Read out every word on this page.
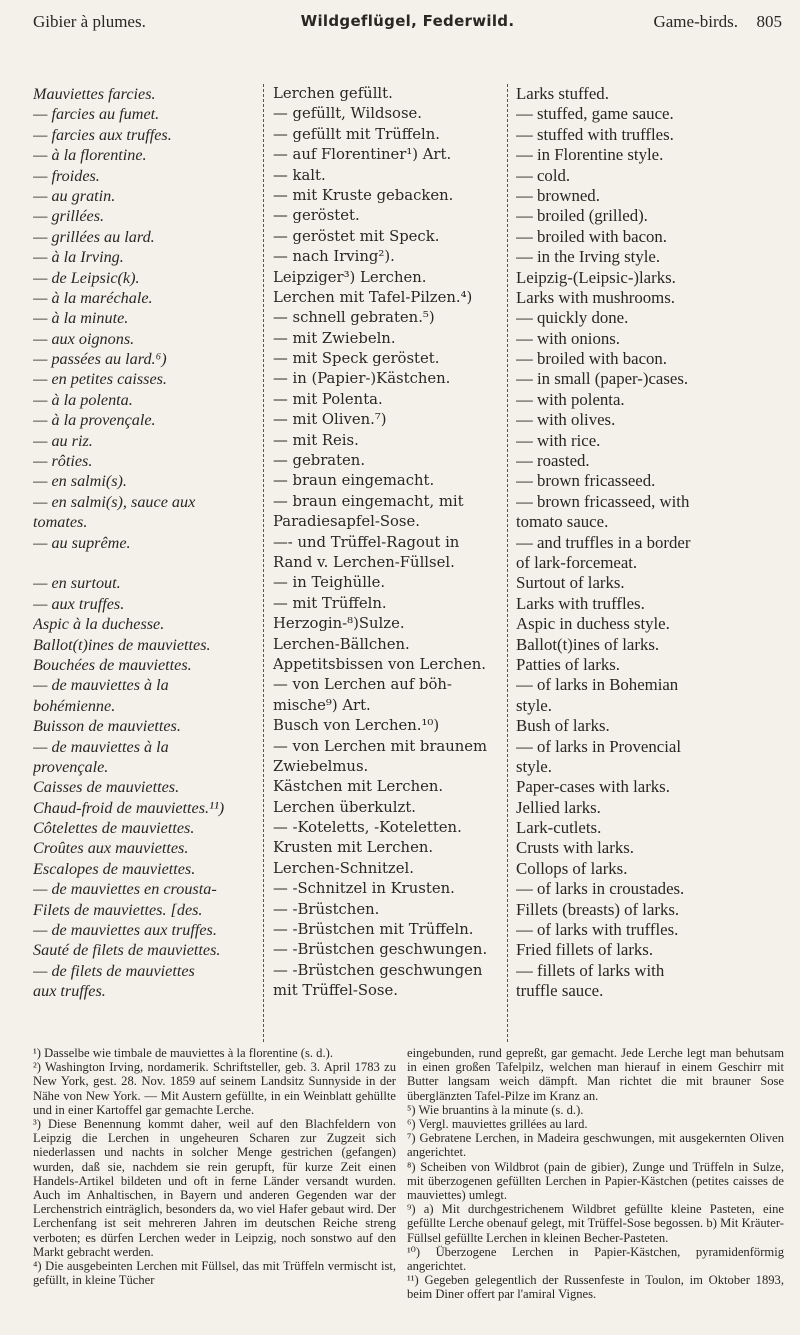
Gibier à plumes.	Wildgeflügel, Federwild.	Game-birds. 805
Mauviettes farcies.
— farcies au fumet.
— farcies aux truffes.
— à la florentine.
— froides.
— au gratin.
— grillées.
— grillées au lard.
— à la Irving.
— de Leipsic(k).
— à la maréchale.
— à la minute.
— aux oignons.
— passées au lard.⁶)
— en petites caisses.
— à la polenta.
— à la provençale.
— au riz.
— rôties.
— en salmi(s).
— en salmi(s), sauce aux
tomates.
— au suprême.
— en surtout.
— aux truffes.
Aspic à la duchesse.
Ballot(t)ines de mauviettes.
Bouchées de mauviettes.
— de mauviettes à la
bohémienne.
Buisson de mauviettes.
— de mauviettes à la
provençale.
Caisses de mauviettes.
Chaud-froid de mauviettes.¹¹)
Côtelettes de mauviettes.
Croûtes aux mauviettes.
Escalopes de mauviettes.
— de mauviettes en crousta-
Filets de mauviettes. [des.
— de mauviettes aux truffes.
Sauté de filets de mauviettes.
— de filets de mauviettes
aux truffes.
Lerchen gefüllt.
— gefüllt, Wildsose.
— gefüllt mit Trüffeln.
— auf Florentiner¹) Art.
— kalt.
— mit Kruste gebacken.
— geröstet.
— geröstet mit Speck.
— nach Irving²).
Leipziger³) Lerchen.
Lerchen mit Tafel-Pilzen.⁴)
— schnell gebraten.⁵)
— mit Zwiebeln.
— mit Speck geröstet.
— in (Papier-)Kästchen.
— mit Polenta.
— mit Oliven.⁷)
— mit Reis.
— gebraten.
— braun eingemacht.
— braun eingemacht, mit
Paradiesapfel-Sose.
—- und Trüffel-Ragout in
Rand v. Lerchen-Füllsel.
— in Teighülle.
— mit Trüffeln.
Herzogin-⁸)Sulze.
Lerchen-Bällchen.
Appetitsbissen von Lerchen.
— von Lerchen auf böh-
mische⁹) Art.
Busch von Lerchen.¹⁰)
— von Lerchen mit braunem
Zwiebelmus.
Kästchen mit Lerchen.
Lerchen überkulzt.
— -Koteletts, -Koteletten.
Krusten mit Lerchen.
Lerchen-Schnitzel.
— -Schnitzel in Krusten.
— -Brüstchen.
— -Brüstchen mit Trüffeln.
— -Brüstchen geschwungen.
— -Brüstchen geschwungen
mit Trüffel-Sose.
Larks stuffed.
— stuffed, game sauce.
— stuffed with truffles.
— in Florentine style.
— cold.
— browned.
— broiled (grilled).
— broiled with bacon.
— in the Irving style.
Leipzig-(Leipsic-)larks.
Larks with mushrooms.
— quickly done.
— with onions.
— broiled with bacon.
— in small (paper-)cases.
— with polenta.
— with olives.
— with rice.
— roasted.
— brown fricasseed.
— brown fricasseed, with
tomato sauce.
— and truffles in a border
of lark-forcemeat.
Surtout of larks.
Larks with truffles.
Aspic in duchess style.
Ballot(t)ines of larks.
Patties of larks.
— of larks in Bohemian
style.
Bush of larks.
— of larks in Provencial
style.
Paper-cases with larks.
Jellied larks.
Lark-cutlets.
Crusts with larks.
Collops of larks.
— of larks in croustades.
Fillets (breasts) of larks.
— of larks with truffles.
Fried fillets of larks.
— fillets of larks with
truffle sauce.

¹) Dasselbe wie timbale de mauviettes à la florentine (s. d.).

²) Washington Irving, nordamerik. Schriftsteller, geb. 3. April 1783 zu New York, gest. 28. Nov. 1859 auf seinem Landsitz Sunnyside in der Nähe von New York. — Mit Austern gefüllte, in ein Weinblatt gehüllte und in einer Kartoffel gar gemachte Lerche.

³) Diese Benennung kommt daher, weil auf den Blachfeldern von Leipzig die Lerchen in ungeheuren Scharen zur Zugzeit sich niederlassen und nachts in solcher Menge gestrichen (gefangen) wurden, daß sie, nachdem sie rein gerupft, für kurze Zeit einen Handels-Artikel bildeten und oft in ferne Länder versandt wurden. Auch im Anhaltischen, in Bayern und anderen Gegenden war der Lerchenstrich einträglich, besonders da, wo viel Hafer gebaut wird. Der Lerchenfang ist seit mehreren Jahren im deutschen Reiche streng verboten; es dürfen Lerchen weder in Leipzig, noch sonstwo auf den Markt gebracht werden.

⁴) Die ausgebeinten Lerchen mit Füllsel, das mit Trüffeln vermischt ist, gefüllt, in kleine Tücher

eingebunden, rund gepreßt, gar gemacht. Jede Lerche legt man behutsam in einen großen Tafelpilz, welchen man hierauf in einem Geschirr mit Butter langsam weich dämpft. Man richtet die mit brauner Sose überglänzten Tafel-Pilze im Kranz an.

⁵) Wie bruantins à la minute (s. d.).

⁶) Vergl. mauviettes grillées au lard.

⁷) Gebratene Lerchen, in Madeira geschwungen, mit ausgekernten Oliven angerichtet.

⁸) Scheiben von Wildbrot (pain de gibier), Zunge und Trüffeln in Sulze, mit überzogenen gefüllten Lerchen in Papier-Kästchen (petites caisses de mauviettes) umlegt.

⁹) a) Mit durchgestrichenem Wildbret gefüllte kleine Pasteten, eine gefüllte Lerche obenauf gelegt, mit Trüffel-Sose begossen. b) Mit Kräuter-Füllsel gefüllte Lerchen in kleinen Becher-Pasteten.

¹⁰) Überzogene Lerchen in Papier-Kästchen, pyramidenförmig angerichtet.

¹¹) Gegeben gelegentlich der Russenfeste in Toulon, im Oktober 1893, beim Diner offert par l'amiral Vignes.
